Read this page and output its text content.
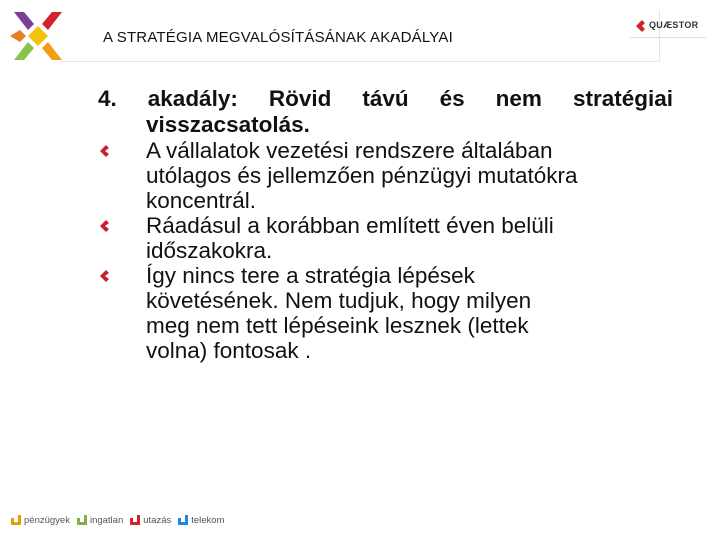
A STRATÉGIA MEGVALÓSÍTÁSÁNAK AKADÁLYAI
QUÆSTOR
4. akadály: Rövid távú és nem stratégiai
visszacsatolás.
A vállalatok vezetési rendszere általában
utólagos és jellemzően pénzügyi mutatókra
koncentrál.
Ráadásul a korábban említett éven belüli
időszakokra.
Így nincs tere a stratégia lépések
követésének. Nem tudjuk, hogy milyen
meg nem tett lépéseink lesznek (lettek
volna) fontosak .
pénzügyek ingatlan utazás telekom
